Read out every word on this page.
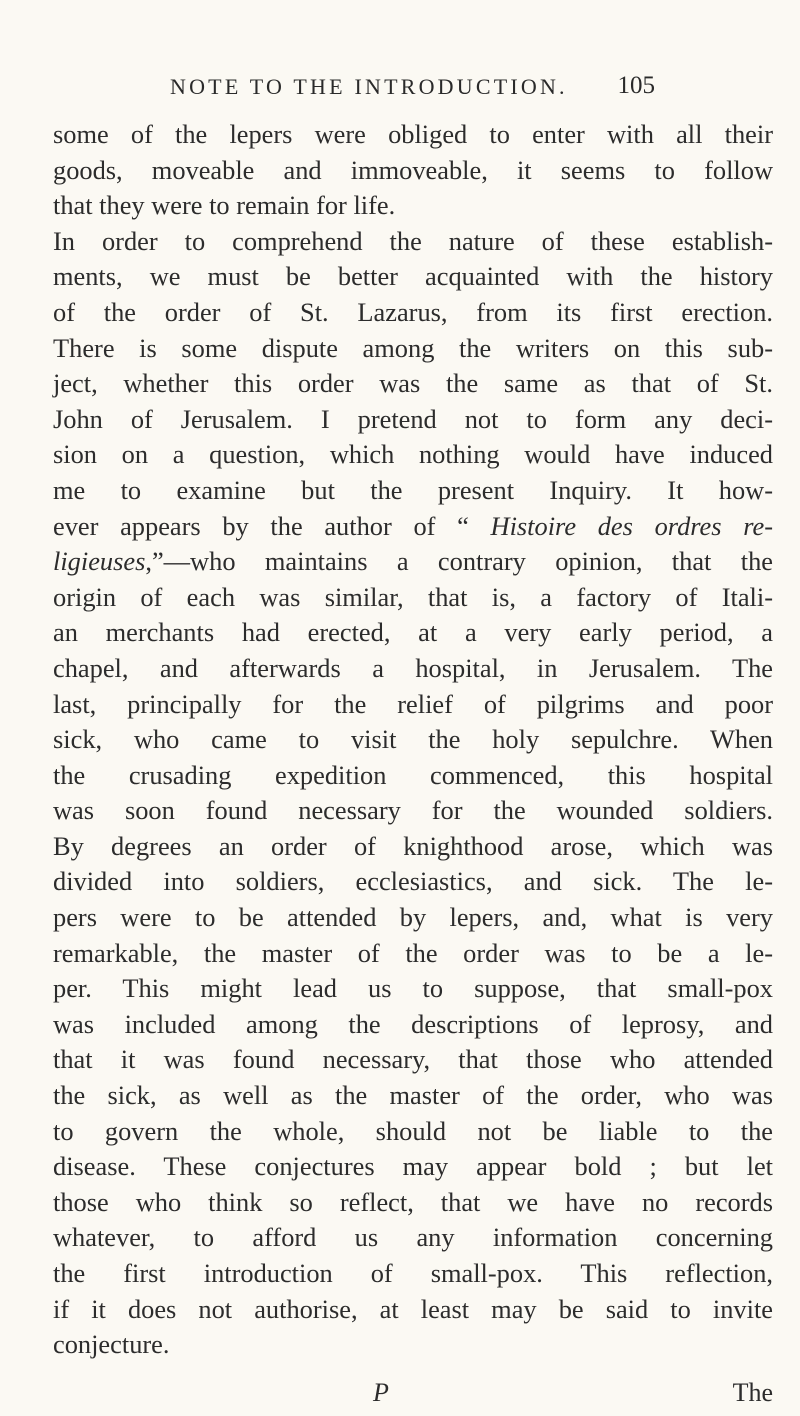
NOTE TO THE INTRODUCTION. 105
some of the lepers were obliged to enter with all their
goods, moveable and immoveable, it seems to follow
that they were to remain for life.
In order to comprehend the nature of these establish-
ments, we must be better acquainted with the history
of the order of St. Lazarus, from its first erection.
There is some dispute among the writers on this sub-
ject, whether this order was the same as that of St.
John of Jerusalem. I pretend not to form any deci-
sion on a question, which nothing would have induced
me to examine but the present Inquiry. It how-
ever appears by the author of “ Histoire des ordres re-
ligieuses,”—who maintains a contrary opinion, that the
origin of each was similar, that is, a factory of Itali-
an merchants had erected, at a very early period, a
chapel, and afterwards a hospital, in Jerusalem. The
last, principally for the relief of pilgrims and poor
sick, who came to visit the holy sepulchre. When
the crusading expedition commenced, this hospital
was soon found necessary for the wounded soldiers.
By degrees an order of knighthood arose, which was
divided into soldiers, ecclesiastics, and sick. The le-
pers were to be attended by lepers, and, what is very
remarkable, the master of the order was to be a le-
per. This might lead us to suppose, that small-pox
was included among the descriptions of leprosy, and
that it was found necessary, that those who attended
the sick, as well as the master of the order, who was
to govern the whole, should not be liable to the
disease. These conjectures may appear bold ; but let
those who think so reflect, that we have no records
whatever, to afford us any information concerning
the first introduction of small-pox. This reflection,
if it does not authorise, at least may be said to invite
conjecture.
P	The
